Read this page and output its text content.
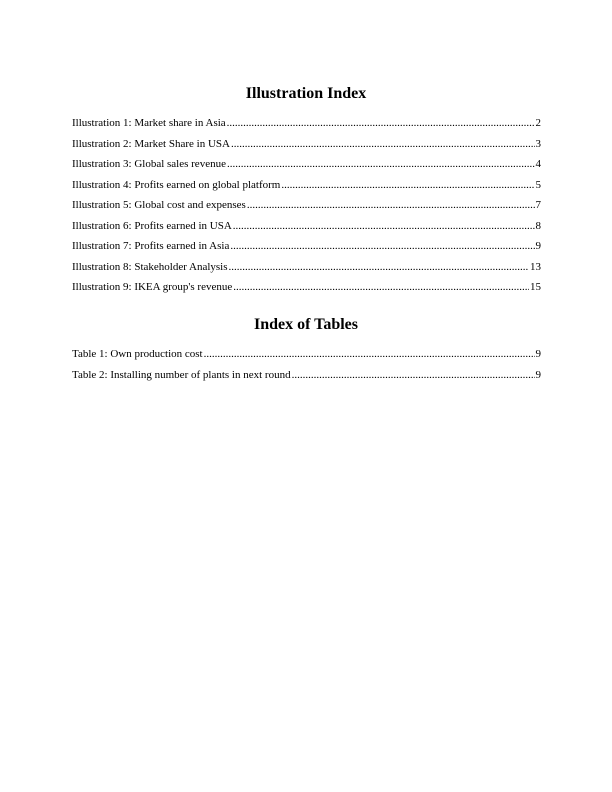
Illustration Index
Illustration 1: Market share in Asia .....	2
Illustration 2: Market Share in USA .....	3
Illustration 3: Global sales revenue .....	4
Illustration 4: Profits earned on global platform .....	5
Illustration 5: Global cost and expenses .....	7
Illustration 6: Profits earned in USA .....	8
Illustration 7: Profits earned in Asia .....	9
Illustration 8: Stakeholder Analysis .....	13
Illustration 9: IKEA group's revenue .....	15
Index of Tables
Table 1: Own production cost .....	9
Table 2: Installing number of plants in next round .....	9
